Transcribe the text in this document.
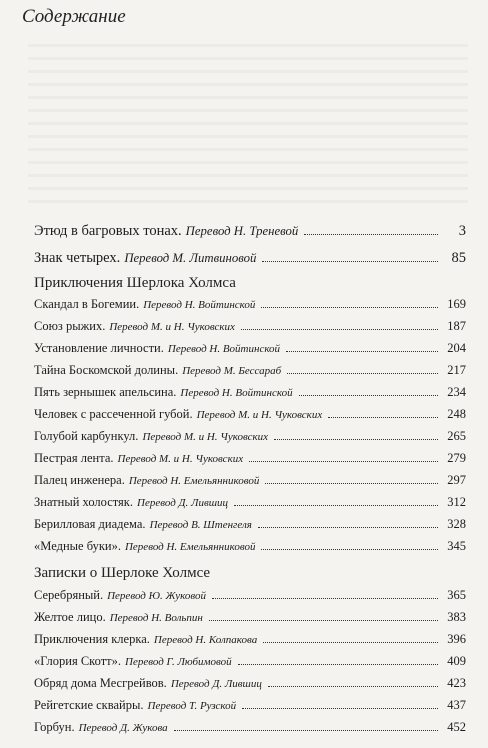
Содержание
Этюд в багровых тонах. Перевод Н. Треневой	3
Знак четырех. Перевод М. Литвиновой	85
Приключения Шерлока Холмса
Скандал в Богемии. Перевод Н. Войтинской	169
Союз рыжих. Перевод М. и Н. Чуковских	187
Установление личности. Перевод Н. Войтинской	204
Тайна Боскомской долины. Перевод М. Бессараб	217
Пять зернышек апельсина. Перевод Н. Войтинской	234
Человек с рассеченной губой. Перевод М. и Н. Чуковских	248
Голубой карбункул. Перевод М. и Н. Чуковских	265
Пестрая лента. Перевод М. и Н. Чуковских	279
Палец инженера. Перевод Н. Емельянниковой	297
Знатный холостяк. Перевод Д. Лившиц	312
Берилловая диадема. Перевод В. Штенгеля	328
«Медные буки». Перевод Н. Емельянниковой	345
Записки о Шерлоке Холмсе
Серебряный. Перевод Ю. Жуковой	365
Желтое лицо. Перевод Н. Вольпин	383
Приключения клерка. Перевод Н. Колпакова	396
«Глория Скотт». Перевод Г. Любимовой	409
Обряд дома Месгрейвов. Перевод Д. Лившиц	423
Рейгетские сквайры. Перевод Т. Рузской	437
Горбун. Перевод Д. Жукова	452
